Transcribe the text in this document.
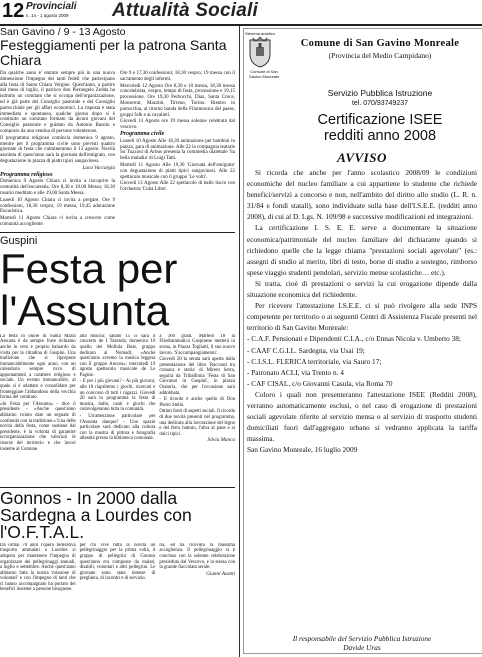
12 Provinciali
n. 14 - 1 agosto 2009 Attualità Sociali
San Gavino / 9 - 13 Agosto
Festeggiamenti per la patrona Santa Chiara

Da qualche anno è' entrato sempre più in una nuova dimensione l'impegno dei tanti fedeli che partecipano alla festa di Santa Chiara Vergine. Quest'anno, a partire dal mese di luglio, il parroco don Pierangelo Zedda ha istituito un comitato che si occupa dell'organizzazione, ed è già parte del Consiglio pastorale e del Consiglio parrocchiale per gli affari economici. La risposta è stata immediata e spontanea, qualche giorno dopo si è costituito un comitato formato da alcuni giovani del Consiglio pastorale e guidato da Antonio Basolu e composto da una ventina di persone volenterose.

Il programma religioso comincia domenica 9 agosto, mentre per il programma civile sono previsti quattro giornate di festa che culmineranno il 13 agosto. Novità assoluta di quest'anno sarà la giornata dell'emigrato, con degustazione in piazza di piatti tipici sangavinesi.

Luca Vaccargiu

Programma religioso

Domenica 9 Agosto Chiara ci invita a riscoprire la centralità dell'eucarestia. Ore 8,30 e 10.00 Messa; 18,30 rosario meditato e alle 19,00 Santa Messa.

Lunedì 10 Agosto Chiara ci invita a pregare. Ore 9 confessioni, 18,30 vespro, 19 messa, 19,45 adorazione Eucaristica.

Martedì 11 Agosto Chiara ci invita a crescere come comunità accogliente.

Ore 9 e 17,30 confessioni; 18,30 vespro; 19 messa con il sacramento degli infermi.

Mercoledì 12 Agosto Ore 8,30 e 10 messa, 18,30 messa concelebrata, vespro, tempo di festa, processione e 19,15 processione. Ore 19,30 Pedrocchi, Diaz, Santa Croce, Monserrat, Mazzini, Tirreno, Torino. Rientro in parrocchia, al ritorno banda della Filarmonica del paese, gruppi folk e ai cavalieri.

Giovedì 13 Agosto ore 19 messa solenne celebrata dal vescovo.

Programma civile

Lunedì 10 Agosto Alle 18,30 animazione per bambini in piazza, gara di animazione. Alle 22 la compagnia teatrale Su Tuzzoni di Arbus presenta la commedia dialettale 'Sa bella maladia' di Luigi Tatti.

Martedì 11 Agosto Alle 19,30 'Giornata dell'emigrato' con degustazione di piatti tipici sangavinesi. Alle 22 spettacolo musicale con il gruppo 'Le volti'.

Giovedì 13 Agosto Alle 22 spettacolo di ballo liscio con l'orchestra 'Cuba Libre'.

Guspini
Festa per l'Assunta

La festa in onore di Santa Maria Assunta è da sempre forte richiamo anche in vero e proprio baluardo da visita per la cittadina di Guspini. Una tradizione che si ripropone immancabilmente ogni anno, con un calendario sempre ricco di appuntamenti a carattere religioso e sociale. Un evento immancabile, al quale si è adattato e consolidato per fronteggiare l'abbandono della vecchia forma del comitato.

«In Festa per l'Assunta» - dice il presidente - «Anche quest'anno abbiamo voluto dare un segnale di continuità con la tradizione.» Una delle novità della festa, come sostiene dal presidente, è la volontà di garantire un'organizzazione che valorizzi le risorse del territorio e che lavori insieme al Comune.

alla musica: sabato 15 ci sarà il concerto de I Tazenda; domenica 16 quello dei Mollula Beat, gruppo dedicato ai Nomadi; «Anche quest'anno avremo la musica leggera con il gruppo Ancora»; mercoledì 19 agosto spettacolo musicale de Le Pagine.

- E per i più giovani? - Ai più giovani, alle 18 riapriremo i giochi, ricercati e un concorso di tutti i ragazzi. Giovedì 20 sarà in programma la festa di musica, ballo, canti e giochi che coinvolgeranno tutta la comunità.

- Un'attenzione particolare per l'Assunta dunque? - Uno spazio particolare sarà dedicato alla cultura con la mostra di pittura e fotografia allestita presso la biblioteca comunale.

a 360 gradi. Martedì 18 la Filodrammatica Guspinese metterà in scena, in Piazza Togliatti, il suo nuovo lavoro. 'S'accumpangiamentu'.

Giovedì 20 la serata sarà aperta dalla presentazione del libro 'Racconti tra cronaca e storia' di Mirero Serra, seguirà da Tribalfonia 'Festa di San Giovanni in Guspini', in piazza Oratoria, che per l'occasione sarà addobbata.

- Il ricordo è anche quello di Don Pietro Stella.

Ottimi fonti di aspetti sociali. Il ricordo di due novità presenti nel programma, una dedicata alla lavorazione del legno e del ferro battuto, l'altra al pane e ai dolci tipici.

Silvia Manca

Gonnos - In 2000 dalla Sardegna a Lourdes con l'O.F.T.A.L.

Da ormai 70 anni l'opera federativa trasporto ammalati a Lourdes si adopera per mantenere l'impegno di organizzare dei pellegrinaggi annuali, a luglio e settembre. Anche quest'anno abbiamo fatto la nostra 'missione di volontari' e con l'impegno di tanti che ci hanno accompagnato ha portato dei benefici insieme a persone bisognose.

per chi vive tutta la novità un pellegrinaggio per la prima volta, il gruppo di pellegrini di Gonnos quest'anno era composto da malati, disabili, volontari e altri pellegrini. Le giornate sono state intense di preghiera, di incontri e di servizio.

ria, ed ha ricevuto la massima accoglienza. Il pellegrinaggio si è concluso con la solenne celebrazione presieduta dal Vescovo, e la stessa con la grande fiaccolata serale.

Gianni Avanti

Stemma araldico
Comune di San Gavino Monreale
Comune di San Gavino Monreale
(Provincia del Medio Campidano)
Servizio Pubblica Istruzione
tel. 070/93749237
Certificazione ISEE
redditi anno 2008
AVVISO

Si ricorda che anche per l'anno scolastico 2008/09 le condizioni economiche del nucleo familiare a cui appartiene lo studente che richiede benefici/servizi a concorso e non, nell'ambito del diritto allo studio (L. R. n. 31/84 e fondi statali), sono individuate sulla base dell'I.S.E.E. (redditi anno 2008), di cui al D. Lgs. N. 109/98 e successive modificazioni ed integrazioni.

La certificazione I. S. E. E. serve a documentare la situazione economica/patrimoniale del nucleo familiare del dichiarante quando si richiedono quelle che la legge chiama "prestazioni sociali agevolate" (es.: assegni di studio al merito, libri di testo, borse di studio a sostegno, rimborso spese viaggio studenti pendolari, servizio mense scolastiche… etc.).

Si tratta, cioè di prestazioni o servizi la cui erogazione dipende dalla situazione economica del richiedente.

Per ricevere l'attestazione I.S.E.E. ci si può rivolgere alla sede INPS competente per territorio o ai seguenti Centri di Assistenza Fiscale presenti nel territorio di San Gavino Monreale:

- C.A.F. Pensionati e Dipendenti C.I.A., c/o Ennas Nicola v. Umberto 38;
- CAAF C.G.I.L. Sardegna, via Usai 19;
- C.I.S.L. FLERICA territoriale, via Sauro 17;
- Patronato ACLI, via Trento n. 4
- CAF CISAL, c/o Giovanni Casula, via Roma 70

Coloro i quali non presenteranno l'attestazione ISEE (Redditi 2008), verranno automaticamente esclusi, o nel caso di erogazione di prestazioni sociali agevolate riferite al servizio mensa o al servizio di trasporto studenti domiciliati fuori dall'aggregato urbano si vedranno applicata la tariffa massima.

San Gavino Monreale, 16 luglio 2009

Il responsabile del Servizio Pubblica Istruzione
Davide Uras
